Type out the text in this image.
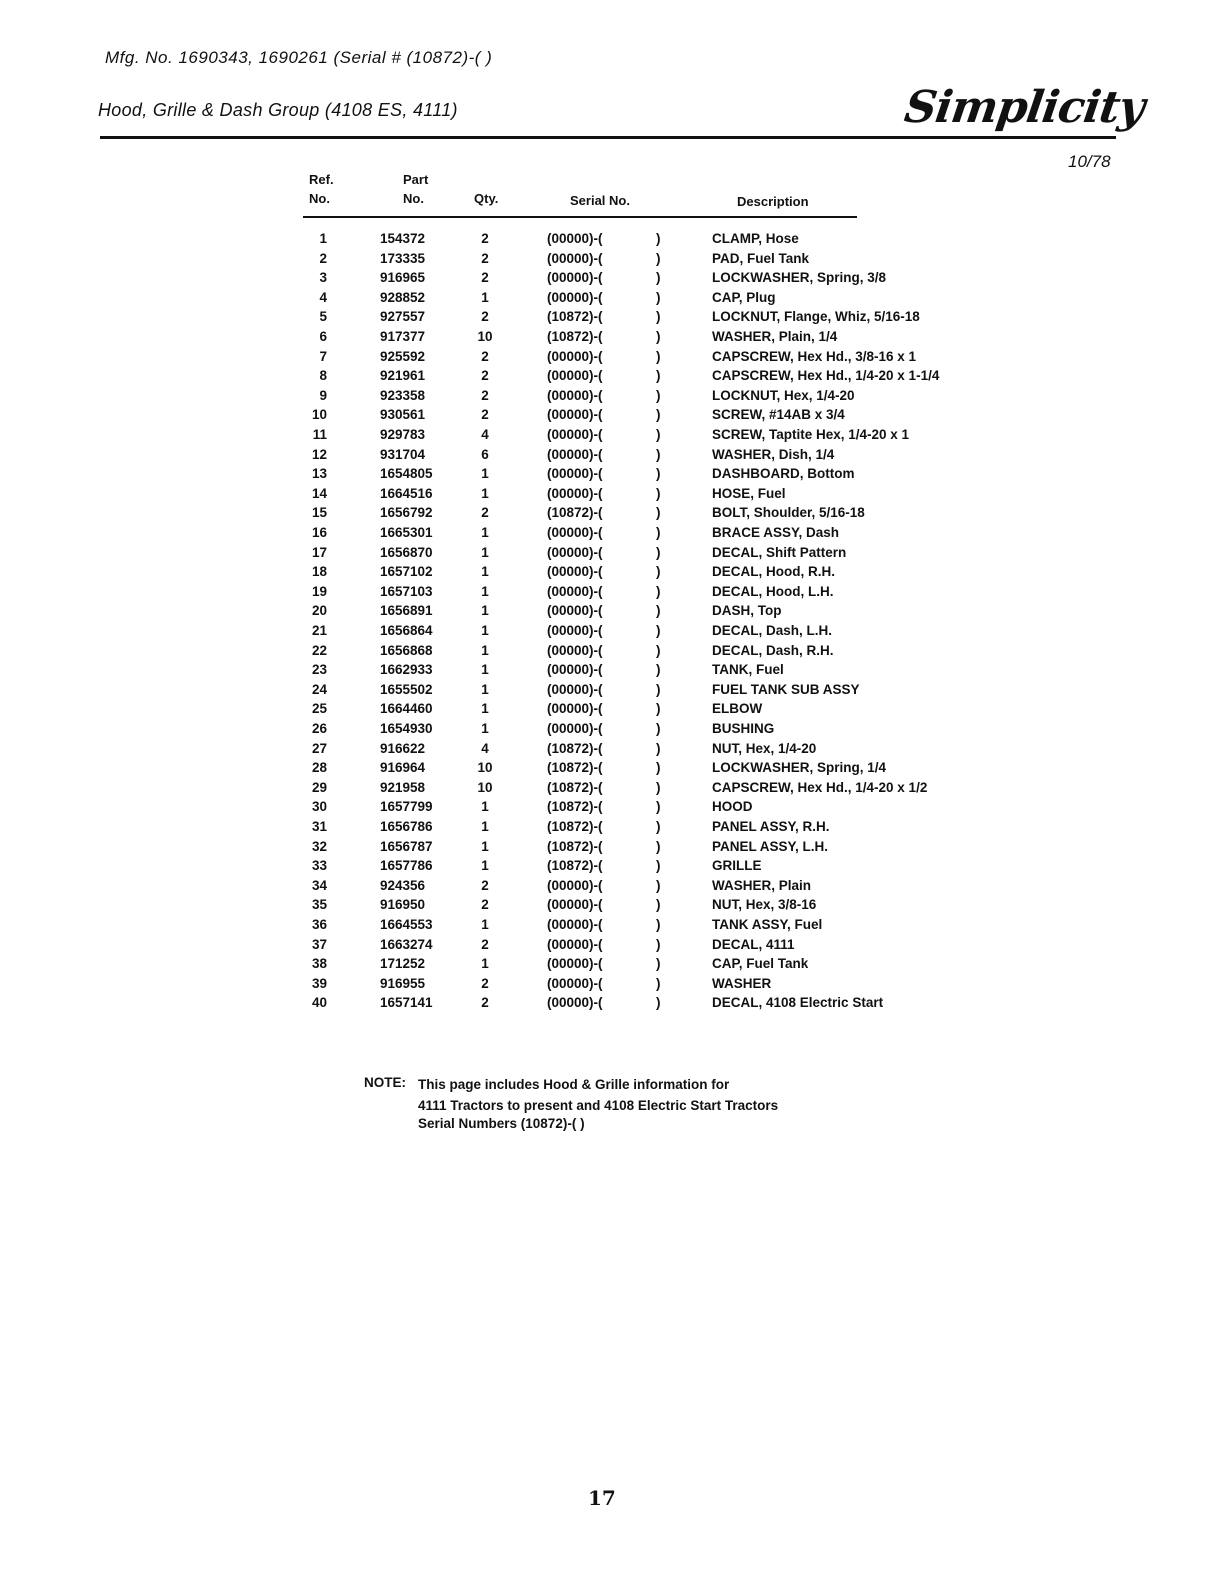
Mfg. No. 1690343, 1690261 (Serial # (10872)-( )
Hood, Grille & Dash Group (4108 ES, 4111)	Simplicity
10/78
Ref. No.
Part No.	Qty.	Serial No.	Description
1	154372	2	(00000)-(	)	CLAMP, Hose
2	173335	2	(00000)-(	)	PAD, Fuel Tank
3	916965	2	(00000)-(	)	LOCKWASHER, Spring, 3/8
4	928852	1	(00000)-(	)	CAP, Plug
5	927557	2	(10872)-(	)	LOCKNUT, Flange, Whiz, 5/16-18
6	917377	10	(10872)-(	)	WASHER, Plain, 1/4
7	925592	2	(00000)-(	)	CAPSCREW, Hex Hd., 3/8-16 x 1
8	921961	2	(00000)-(	)	CAPSCREW, Hex Hd., 1/4-20 x 1-1/4
9	923358	2	(00000)-(	)	LOCKNUT, Hex, 1/4-20
10	930561	2	(00000)-(	)	SCREW, #14AB x 3/4
11	929783	4	(00000)-(	)	SCREW, Taptite Hex, 1/4-20 x 1
12	931704	6	(00000)-(	)	WASHER, Dish, 1/4
13	1654805	1	(00000)-(	)	DASHBOARD, Bottom
14	1664516	1	(00000)-(	)	HOSE, Fuel
15	1656792	2	(10872)-(	)	BOLT, Shoulder, 5/16-18
16	1665301	1	(00000)-(	)	BRACE ASSY, Dash
17	1656870	1	(00000)-(	)	DECAL, Shift Pattern
18	1657102	1	(00000)-(	)	DECAL, Hood, R.H.
19	1657103	1	(00000)-(	)	DECAL, Hood, L.H.
20	1656891	1	(00000)-(	)	DASH, Top
21	1656864	1	(00000)-(	)	DECAL, Dash, L.H.
22	1656868	1	(00000)-(	)	DECAL, Dash, R.H.
23	1662933	1	(00000)-(	)	TANK, Fuel
24	1655502	1	(00000)-(	)	FUEL TANK SUB ASSY
25	1664460	1	(00000)-(	)	ELBOW
26	1654930	1	(00000)-(	)	BUSHING
27	916622	4	(10872)-(	)	NUT, Hex, 1/4-20
28	916964	10	(10872)-(	)	LOCKWASHER, Spring, 1/4
29	921958	10	(10872)-(	)	CAPSCREW, Hex Hd., 1/4-20 x 1/2
30	1657799	1	(10872)-(	)	HOOD
31	1656786	1	(10872)-(	)	PANEL ASSY, R.H.
32	1656787	1	(10872)-(	)	PANEL ASSY, L.H.
33	1657786	1	(10872)-(	)	GRILLE
34	924356	2	(00000)-(	)	WASHER, Plain
35	916950	2	(00000)-(	)	NUT, Hex, 3/8-16
36	1664553	1	(00000)-(	)	TANK ASSY, Fuel
37	1663274	2	(00000)-(	)	DECAL, 4111
38	171252	1	(00000)-(	)	CAP, Fuel Tank
39	916955	2	(00000)-(	)	WASHER
40	1657141	2	(00000)-(	)	DECAL, 4108 Electric Start
NOTE: This page includes Hood & Grille information for
4111 Tractors to present and 4108 Electric Start Tractors
Serial Numbers (10872)-( )
17
